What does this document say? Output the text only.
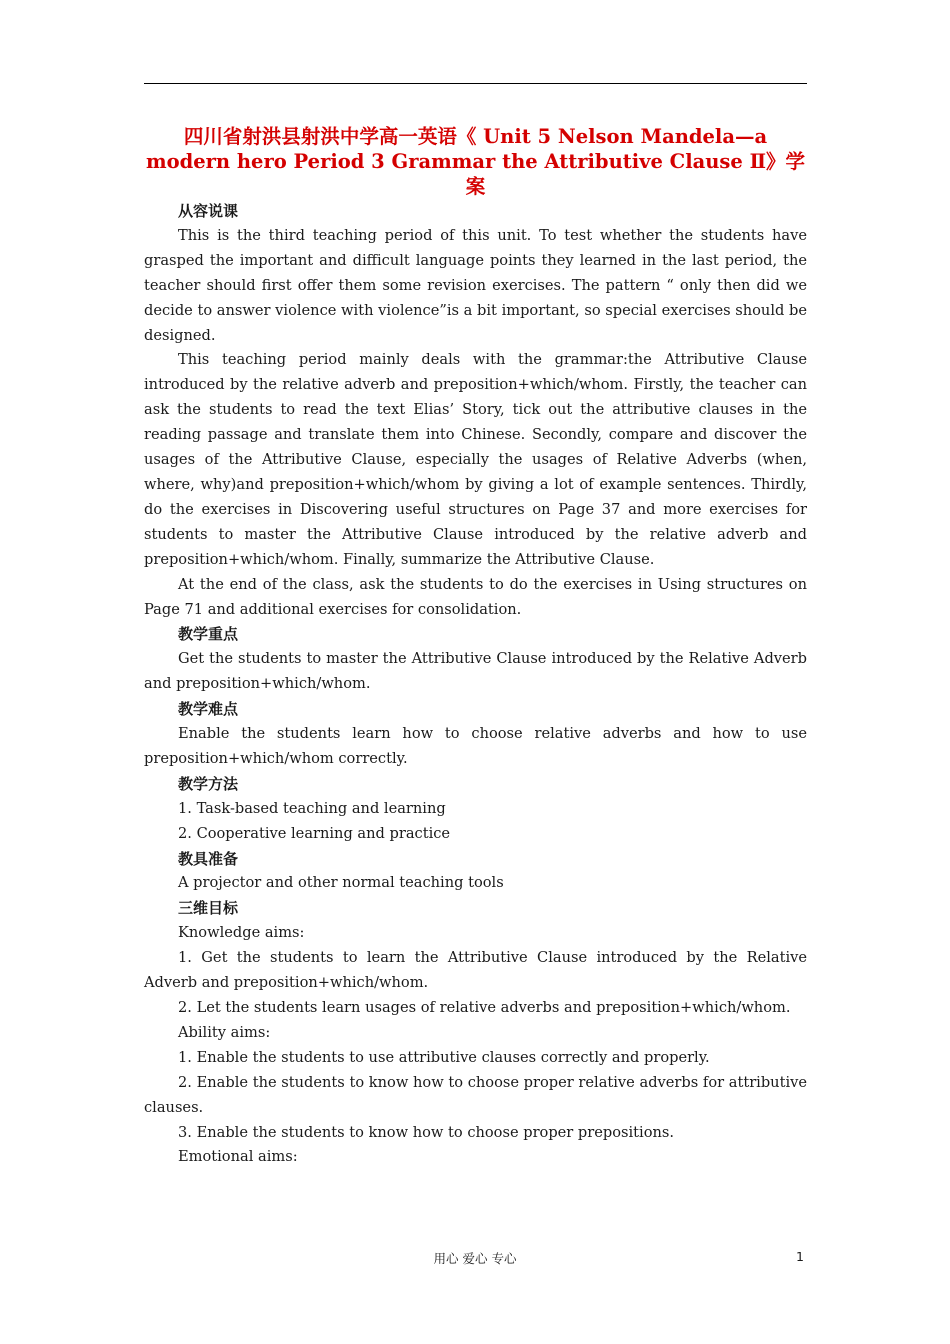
四川省射洪县射洪中学高一英语《 Unit 5 Nelson Mandela—a
modern hero Period 3 Grammar the Attributive Clause Ⅱ》学
案

从容说课

This is the third teaching period of this unit. To test whether the students have grasped the important and difficult language points they learned in the last period, the teacher should first offer them some revision exercises. The pattern “ only then did we decide to answer violence with violence”is a bit important, so special exercises should be designed.

This teaching period mainly deals with the grammar:the Attributive Clause introduced by the relative adverb and preposition+which/whom. Firstly, the teacher can ask the students to read the text Elias’ Story, tick out the attributive clauses in the reading passage and translate them into Chinese. Secondly, compare and discover the usages of the Attributive Clause, especially the usages of Relative Adverbs (when, where, why)and preposition+which/whom by giving a lot of example sentences. Thirdly, do the exercises in Discovering useful structures on Page 37 and more exercises for students to master the Attributive Clause introduced by the relative adverb and preposition+which/whom. Finally, summarize the Attributive Clause.

At the end of the class, ask the students to do the exercises in Using structures on Page 71 and additional exercises for consolidation.

教学重点

Get the students to master the Attributive Clause introduced by the Relative Adverb and preposition+which/whom.

教学难点

Enable the students learn how to choose relative adverbs and how to use preposition+which/whom correctly.

教学方法

1. Task-based teaching and learning

2. Cooperative learning and practice

教具准备

A projector and other normal teaching tools

三维目标

Knowledge aims:

1. Get the students to learn the Attributive Clause introduced by the Relative Adverb and preposition+which/whom.

2. Let the students learn usages of relative adverbs and preposition+which/whom.

Ability aims:

1. Enable the students to use attributive clauses correctly and properly.

2. Enable the students to know how to choose proper relative adverbs for attributive clauses.

3. Enable the students to know how to choose proper prepositions.

Emotional aims:

用心 爱心 专心	1
